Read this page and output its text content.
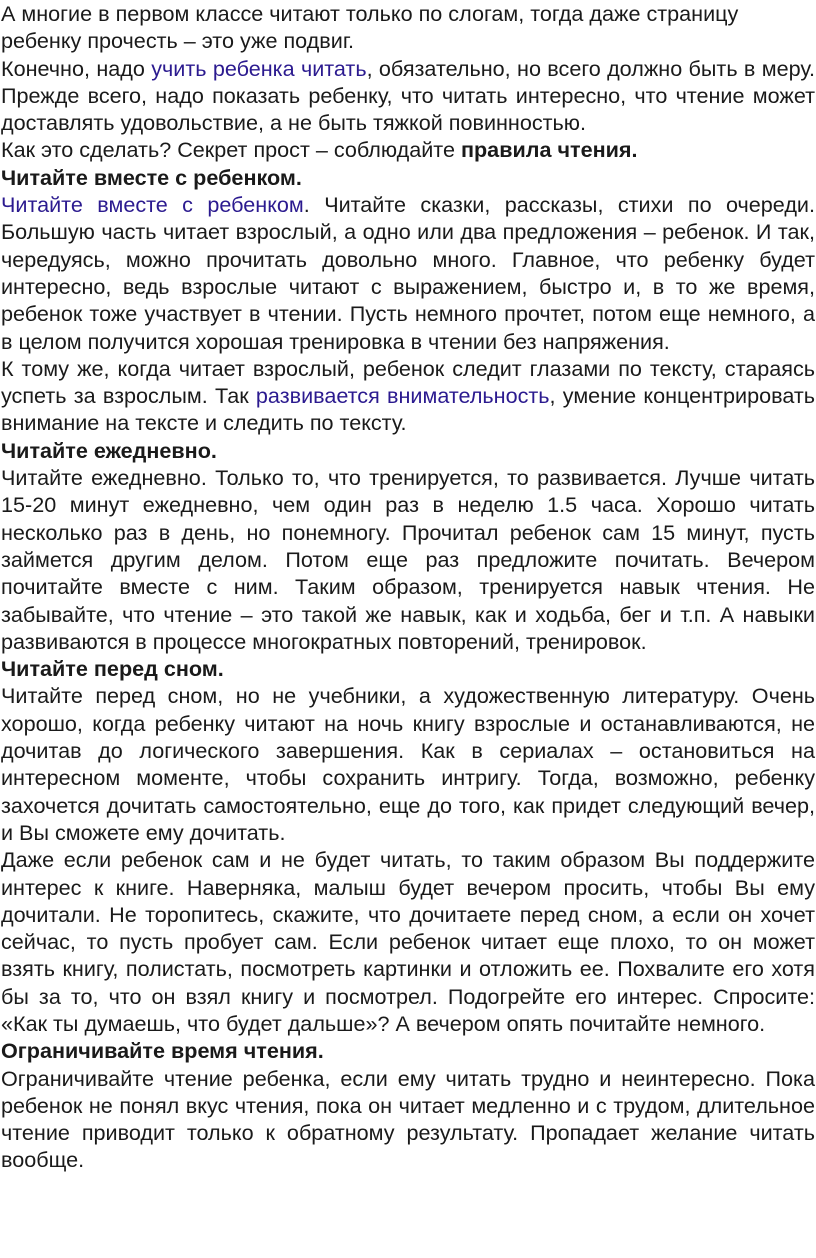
А многие в первом классе читают только по слогам, тогда даже страницу ребенку прочесть – это уже подвиг.

Конечно, надо учить ребенка читать, обязательно, но всего должно быть в меру. Прежде всего, надо показать ребенку, что читать интересно, что чтение может доставлять удовольствие, а не быть тяжкой повинностью.

Как это сделать? Секрет прост – соблюдайте правила чтения.

Читайте вместе с ребенком.

Читайте вместе с ребенком. Читайте сказки, рассказы, стихи по очереди. Большую часть читает взрослый, а одно или два предложения – ребенок. И так, чередуясь, можно прочитать довольно много. Главное, что ребенку будет интересно, ведь взрослые читают с выражением, быстро и, в то же время, ребенок тоже участвует в чтении. Пусть немного прочтет, потом еще немного, а в целом получится хорошая тренировка в чтении без напряжения.

К тому же, когда читает взрослый, ребенок следит глазами по тексту, стараясь успеть за взрослым. Так развивается внимательность, умение концентрировать внимание на тексте и следить по тексту.

Читайте ежедневно.

Читайте ежедневно. Только то, что тренируется, то развивается. Лучше читать 15-20 минут ежедневно, чем один раз в неделю 1.5 часа. Хорошо читать несколько раз в день, но понемногу. Прочитал ребенок сам 15 минут, пусть займется другим делом. Потом еще раз предложите почитать. Вечером почитайте вместе с ним. Таким образом, тренируется навык чтения. Не забывайте, что чтение – это такой же навык, как и ходьба, бег и т.п. А навыки развиваются в процессе многократных повторений, тренировок.

Читайте перед сном.

Читайте перед сном, но не учебники, а художественную литературу. Очень хорошо, когда ребенку читают на ночь книгу взрослые и останавливаются, не дочитав до логического завершения. Как в сериалах – остановиться на интересном моменте, чтобы сохранить интригу. Тогда, возможно, ребенку захочется дочитать самостоятельно, еще до того, как придет следующий вечер, и Вы сможете ему дочитать.

Даже если ребенок сам и не будет читать, то таким образом Вы поддержите интерес к книге. Наверняка, малыш будет вечером просить, чтобы Вы ему дочитали. Не торопитесь, скажите, что дочитаете перед сном, а если он хочет сейчас, то пусть пробует сам. Если ребенок читает еще плохо, то он может взять книгу, полистать, посмотреть картинки и отложить ее. Похвалите его хотя бы за то, что он взял книгу и посмотрел. Подогрейте его интерес. Спросите: «Как ты думаешь, что будет дальше»? А вечером опять почитайте немного.

Ограничивайте время чтения.

Ограничивайте чтение ребенка, если ему читать трудно и неинтересно. Пока ребенок не понял вкус чтения, пока он читает медленно и с трудом, длительное чтение приводит только к обратному результату. Пропадает желание читать вообще.
